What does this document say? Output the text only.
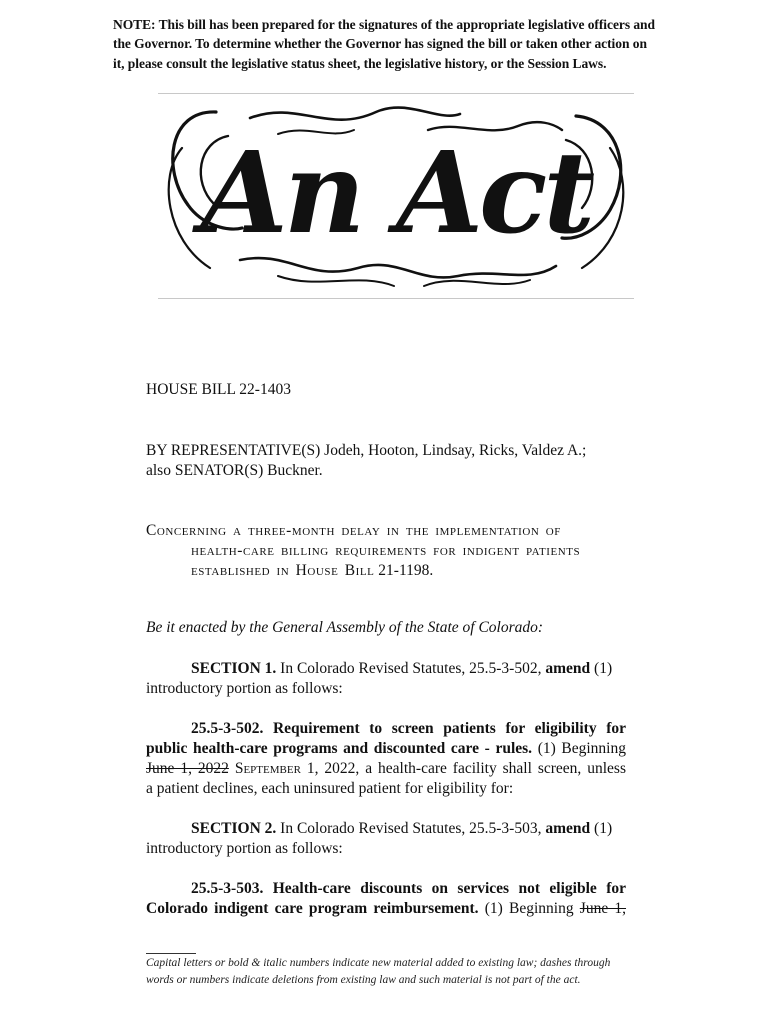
NOTE: This bill has been prepared for the signatures of the appropriate legislative officers and the Governor. To determine whether the Governor has signed the bill or taken other action on it, please consult the legislative status sheet, the legislative history, or the Session Laws.
An Act
HOUSE BILL 22-1403
BY REPRESENTATIVE(S) Jodeh, Hooton, Lindsay, Ricks, Valdez A.;
also SENATOR(S) Buckner.
Concerning a three-month delay in the implementation of
health-care billing requirements for indigent patients
established in House Bill 21-1198.
Be it enacted by the General Assembly of the State of Colorado:
SECTION 1. In Colorado Revised Statutes, 25.5-3-502, amend (1)
introductory portion as follows:
25.5-3-502. Requirement to screen patients for eligibility for
public health-care programs and discounted care - rules. (1) Beginning
June 1, 2022 September 1, 2022, a health-care facility shall screen, unless
a patient declines, each uninsured patient for eligibility for:
SECTION 2. In Colorado Revised Statutes, 25.5-3-503, amend (1)
introductory portion as follows:
25.5-3-503. Health-care discounts on services not eligible for
Colorado indigent care program reimbursement. (1) Beginning June 1,
Capital letters or bold & italic numbers indicate new material added to existing law; dashes through words or numbers indicate deletions from existing law and such material is not part of the act.
